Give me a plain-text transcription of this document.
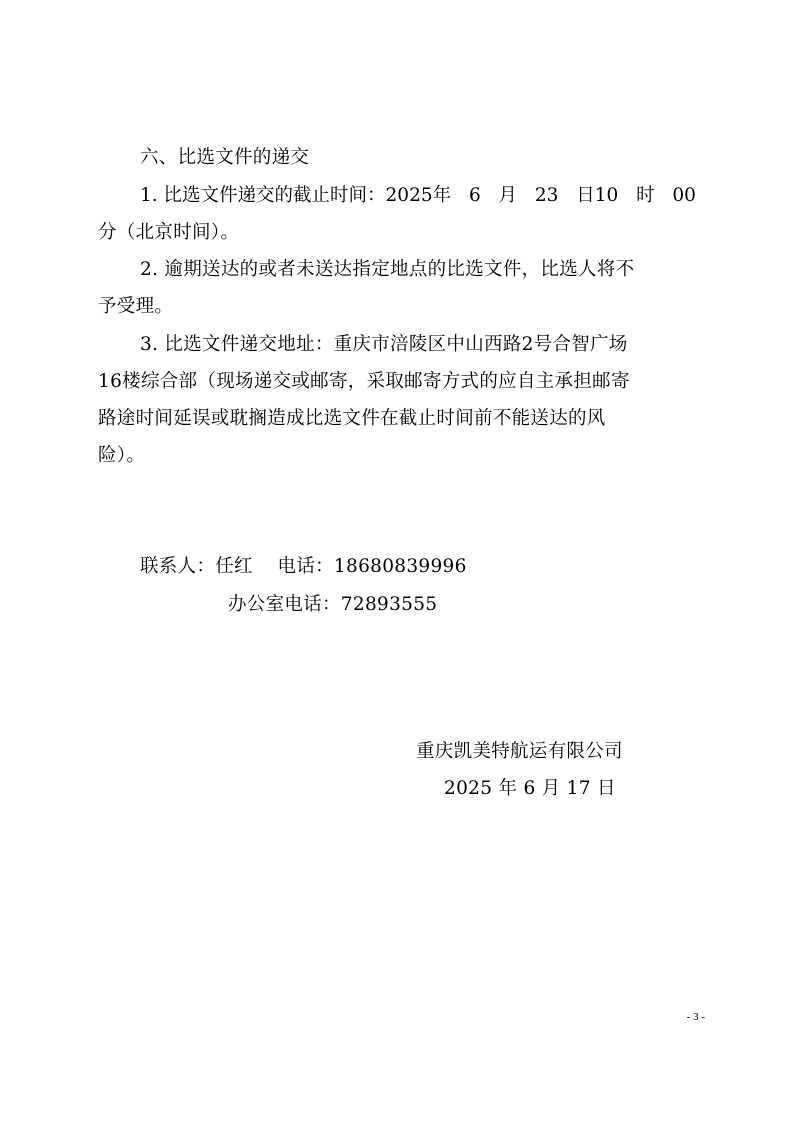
六、比选文件的递交
1. 比选文件递交的截止时间：2025年 6 月 23 日10 时 00
分（北京时间）。
2. 逾期送达的或者未送达指定地点的比选文件，比选人将不
予受理。
3. 比选文件递交地址：重庆市涪陵区中山西路2号合智广场
16楼综合部（现场递交或邮寄，采取邮寄方式的应自主承担邮寄
路途时间延误或耽搁造成比选文件在截止时间前不能送达的风
险）。
联系人：任红    电话：18680839996
办公室电话：72893555
重庆凯美特航运有限公司
2025 年 6 月 17 日
- 3 -
